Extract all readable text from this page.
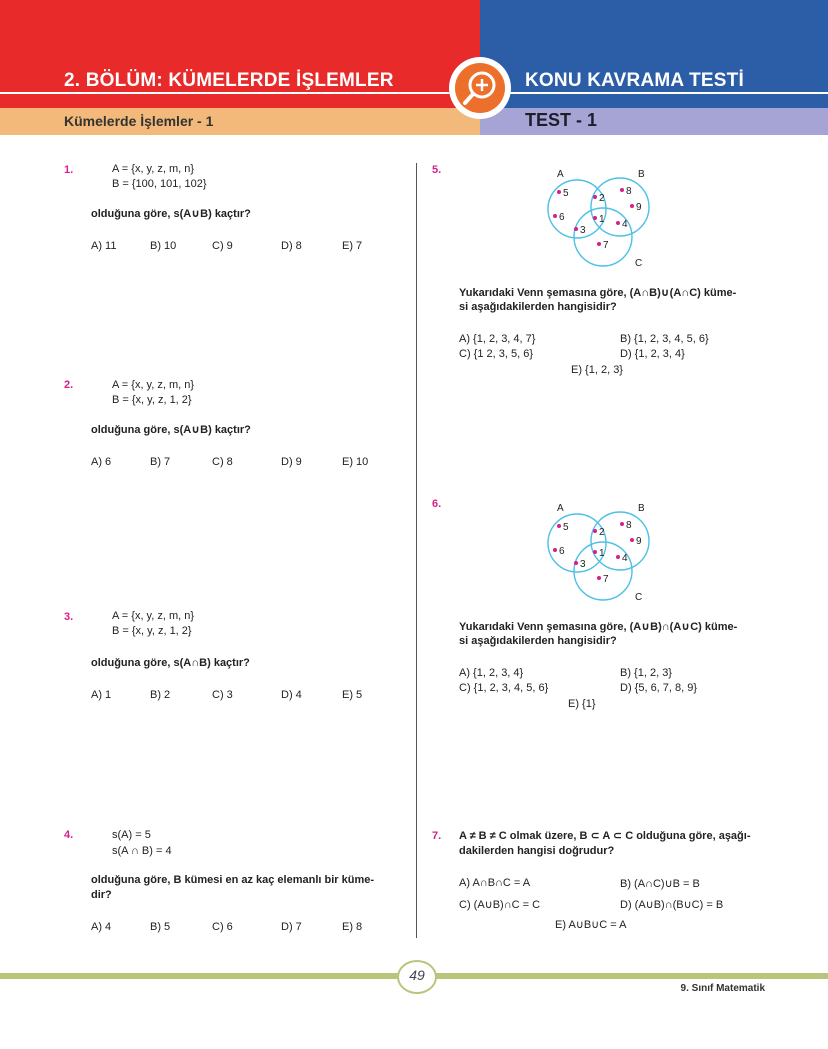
2. BÖLÜM: KÜMELERDE İŞLEMLER	KONU KAVRAMA TESTİ
Kümelerde İşlemler - 1	TEST - 1
1.	A = {x, y, z, m, n}
B = {100, 101, 102}
olduğuna göre, s(A∪B) kaçtır?
A) 11	B) 10	C) 9	D) 8	E) 7
2.	A = {x, y, z, m, n}
B = {x, y, z, 1, 2}
olduğuna göre, s(A∪B) kaçtır?
A) 6	B) 7	C) 8	D) 9	E) 10
3.	A = {x, y, z, m, n}
B = {x, y, z, 1, 2}
olduğuna göre, s(A∩B) kaçtır?
A) 1	B) 2	C) 3	D) 4	E) 5
4.	s(A) = 5
s(A ∩ B) = 4
olduğuna göre, B kümesi en az kaç elemanlı bir küme-
dir?
A) 4	B) 5	C) 6	D) 7	E) 8
5.	A	B
C
5	2
8
9
6	1 4
3
7
Yukarıdaki Venn şemasına göre, (A∩B)∪(A∩C) küme-
si aşağıdakilerden hangisidir?
A) {1, 2, 3, 4, 7}	B) {1, 2, 3, 4, 5, 6}
C) {1 2, 3, 5, 6}	D) {1, 2, 3, 4}
E) {1, 2, 3}
6.	A	B
C
5	2
8
9
6	1 4
3
7
Yukarıdaki Venn şemasına göre, (A∪B)∩(A∪C) küme-
si aşağıdakilerden hangisidir?
A) {1, 2, 3, 4}	B) {1, 2, 3}
C) {1, 2, 3, 4, 5, 6}	D) {5, 6, 7, 8, 9}
E) {1}
7. A ≠ B ≠ C olmak üzere, B ⊂ A ⊂ C olduğuna göre, aşağı-
dakilerden hangisi doğrudur?
A) A∩B∩C = A	B) (A∩C)∪B = B
C) (A∪B)∩C = C	D) (A∪B)∩(B∪C) = B
E) A∪B∪C = A
49
9. Sınıf Matematik
